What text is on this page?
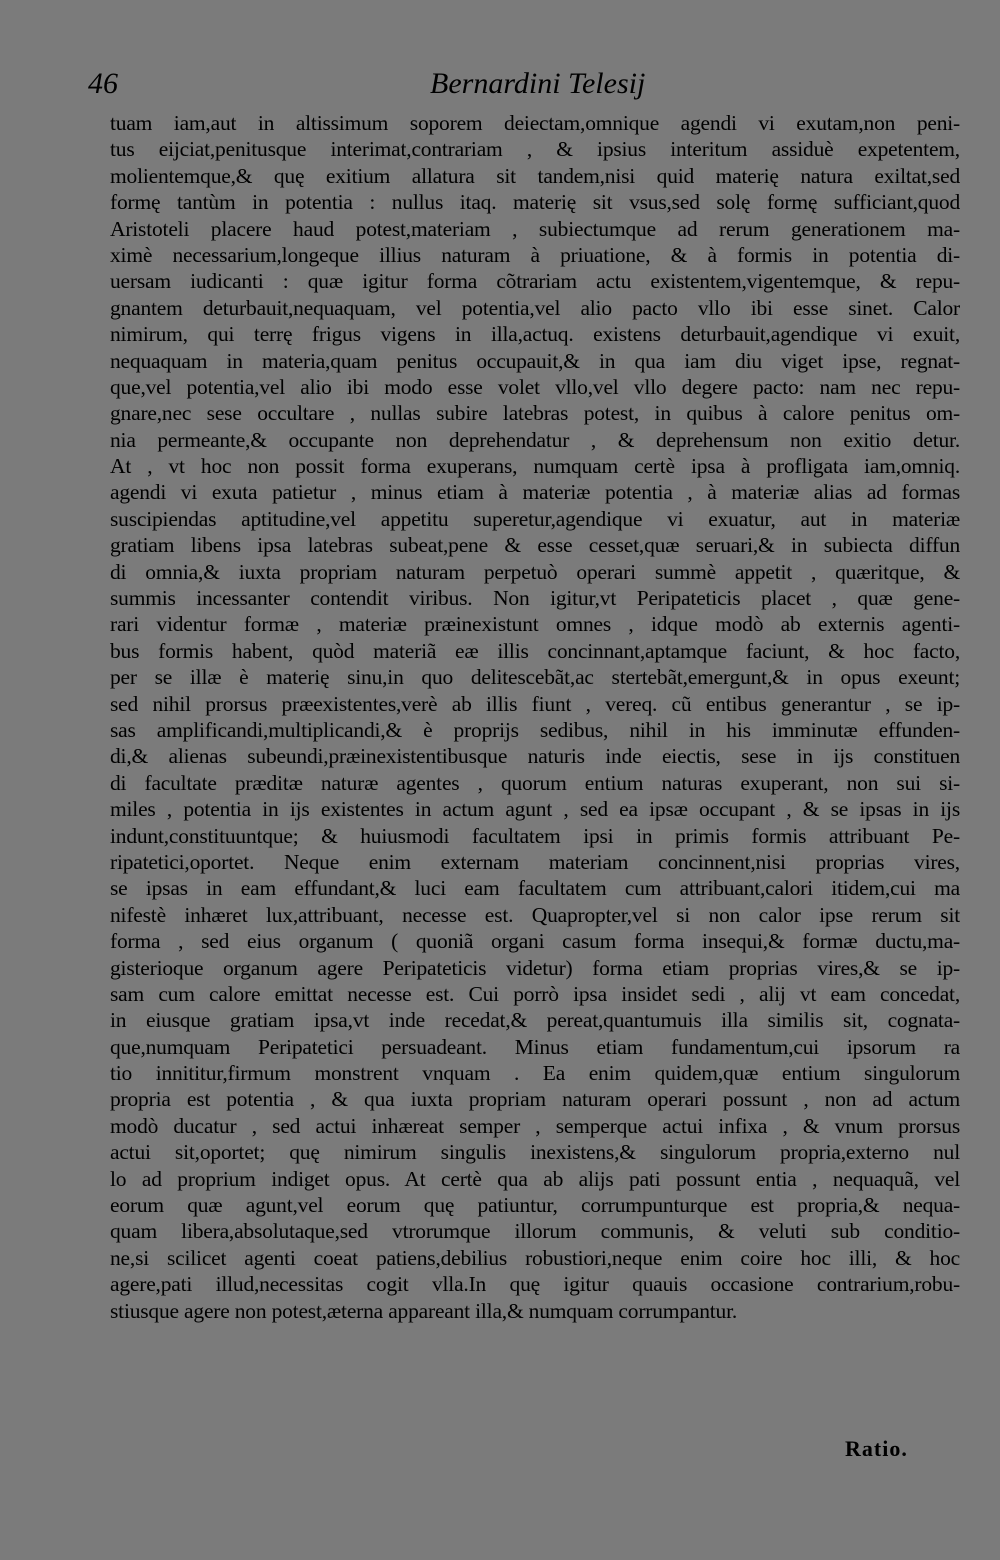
46	Bernardini Telesij
tuam iam,aut in altissimum soporem deiectam,omnique agendi vi exutam,non peni-
tus eijciat,penitusque interimat,contrariam , & ipsius interitum assiduè expetentem,
molientemque,& quę exitium allatura sit tandem,nisi quid materię natura exiltat,sed
formę tantùm in potentia : nullus itaq. materię sit vsus,sed solę formę sufficiant,quod
Aristoteli placere haud potest,materiam , subiectumque ad rerum generationem ma-
ximè necessarium,longeque illius naturam à priuatione, & à formis in potentia di-
uersam iudicanti : quæ igitur forma cõtrariam actu existentem,vigentemque, & repu-
gnantem deturbauit,nequaquam, vel potentia,vel alio pacto vllo ibi esse sinet. Calor
nimirum, qui terrę frigus vigens in illa,actuq. existens deturbauit,agendique vi exuit,
nequaquam in materia,quam penitus occupauit,& in qua iam diu viget ipse, regnat-
que,vel potentia,vel alio ibi modo esse volet vllo,vel vllo degere pacto: nam nec repu-
gnare,nec sese occultare , nullas subire latebras potest, in quibus à calore penitus om-
nia permeante,& occupante non deprehendatur , & deprehensum non exitio detur.
At , vt hoc non possit forma exuperans, numquam certè ipsa à profligata iam,omniq.
agendi vi exuta patietur , minus etiam à materiæ potentia , à materiæ alias ad formas
suscipiendas aptitudine,vel appetitu superetur,agendique vi exuatur, aut in materiæ
gratiam libens ipsa latebras subeat,pene & esse cesset,quæ seruari,& in subiecta diffun
di omnia,& iuxta propriam naturam perpetuò operari summè appetit , quæritque, &
summis incessanter contendit viribus. Non igitur,vt Peripateticis placet , quæ gene-
rari videntur formæ , materiæ præinexistunt omnes , idque modò ab externis agenti-
bus formis habent, quòd materiã eæ illis concinnant,aptamque faciunt, & hoc facto,
per se illæ è materię sinu,in quo delitescebãt,ac stertebãt,emergunt,& in opus exeunt;
sed nihil prorsus præexistentes,verè ab illis fiunt , vereq. cũ entibus generantur , se ip-
sas amplificandi,multiplicandi,& è proprijs sedibus, nihil in his imminutæ effunden-
di,& alienas subeundi,præinexistentibusque naturis inde eiectis, sese in ijs constituen
di facultate præditæ naturæ agentes , quorum entium naturas exuperant, non sui si-
miles , potentia in ijs existentes in actum agunt , sed ea ipsæ occupant , & se ipsas in ijs
indunt,constituuntque; & huiusmodi facultatem ipsi in primis formis attribuant Pe-
ripatetici,oportet. Neque enim externam materiam concinnent,nisi proprias vires,
se ipsas in eam effundant,& luci eam facultatem cum attribuant,calori itidem,cui ma
nifestè inhæret lux,attribuant, necesse est. Quapropter,vel si non calor ipse rerum sit
forma , sed eius organum ( quoniã organi casum forma insequi,& formæ ductu,ma-
gisterioque organum agere Peripateticis videtur) forma etiam proprias vires,& se ip-
sam cum calore emittat necesse est. Cui porrò ipsa insidet sedi , alij vt eam concedat,
in eiusque gratiam ipsa,vt inde recedat,& pereat,quantumuis illa similis sit, cognata-
que,numquam Peripatetici persuadeant. Minus etiam fundamentum,cui ipsorum ra
tio innititur,firmum monstrent vnquam . Ea enim quidem,quæ entium singulorum
propria est potentia , & qua iuxta propriam naturam operari possunt , non ad actum
modò ducatur , sed actui inhæreat semper , semperque actui infixa , & vnum prorsus
actui sit,oportet; quę nimirum singulis inexistens,& singulorum propria,externo nul
lo ad proprium indiget opus. At certè qua ab alijs pati possunt entia , nequaquã, vel
eorum quæ agunt,vel eorum quę patiuntur, corrumpunturque est propria,& nequa-
quam libera,absolutaque,sed vtrorumque illorum communis, & veluti sub conditio-
ne,si scilicet agenti coeat patiens,debilius robustiori,neque enim coire hoc illi, & hoc
agere,pati illud,necessitas cogit vlla.In quę igitur quauis occasione contrarium,robu-
stiusque agere non potest,æterna appareant illa,& numquam corrumpantur.
Ratio.
